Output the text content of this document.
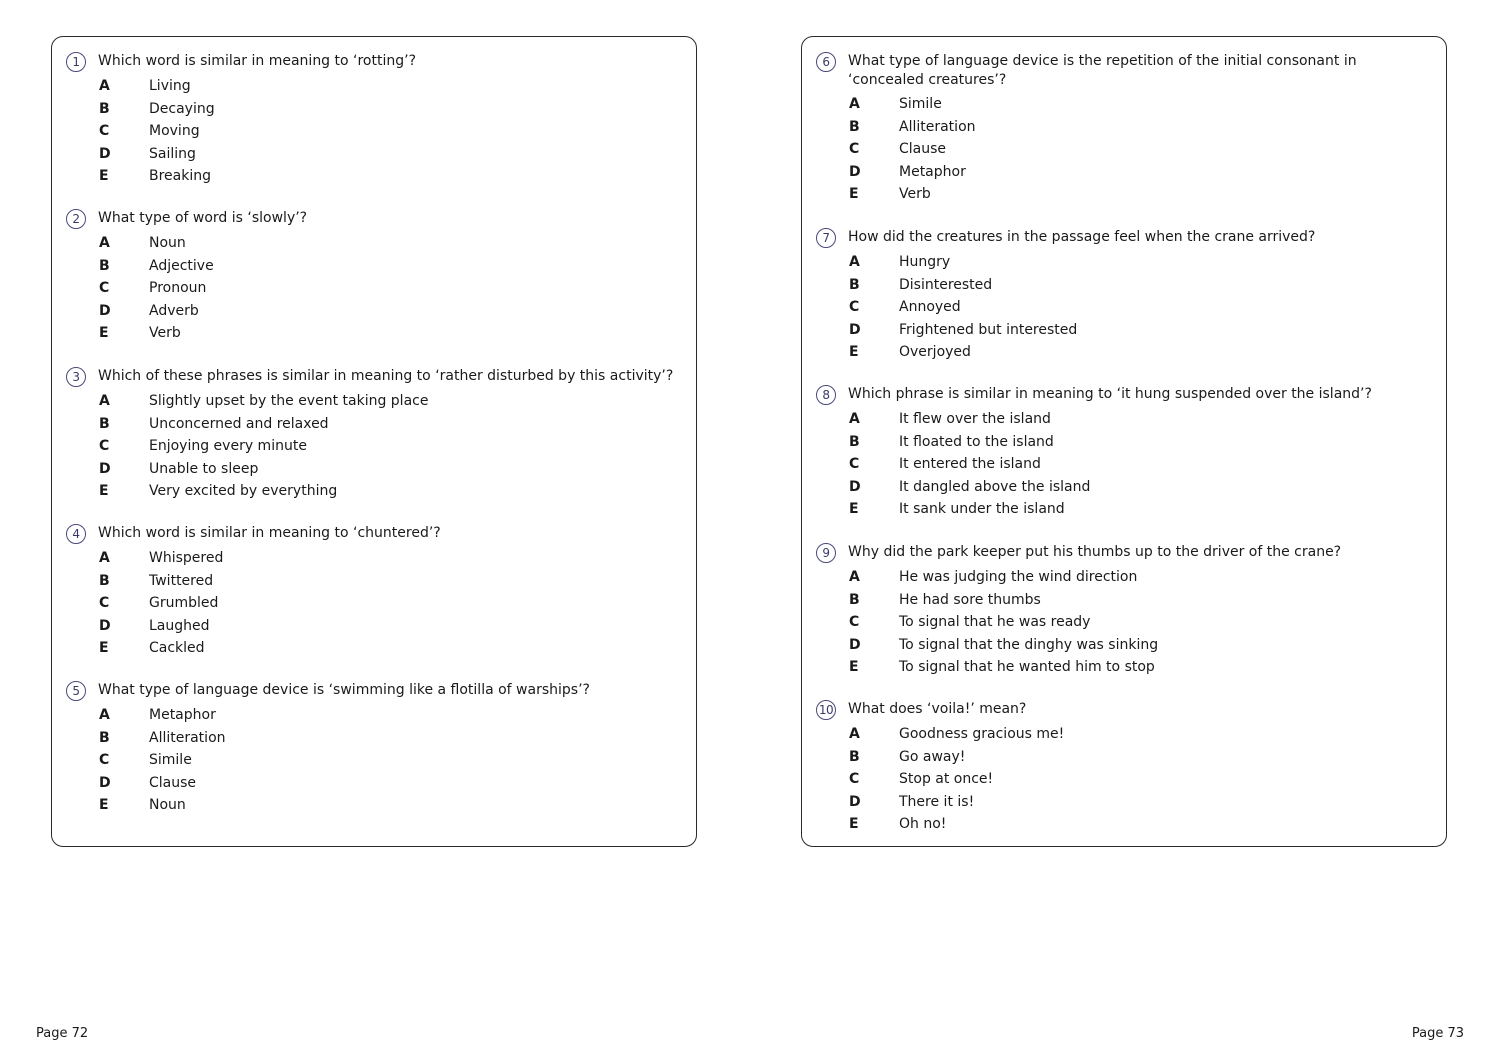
1	Which word is similar in meaning to ‘rotting’?
A	Living
B	Decaying
C	Moving
D	Sailing
E	Breaking
2	What type of word is ‘slowly’?
A	Noun
B	Adjective
C	Pronoun
D	Adverb
E	Verb
3	Which of these phrases is similar in meaning to ‘rather disturbed by this activity’?
A	Slightly upset by the event taking place
B	Unconcerned and relaxed
C	Enjoying every minute
D	Unable to sleep
E	Very excited by everything
4	Which word is similar in meaning to ‘chuntered’?
A	Whispered
B	Twittered
C	Grumbled
D	Laughed
E	Cackled
5	What type of language device is ‘swimming like a flotilla of warships’?
A	Metaphor
B	Alliteration
C	Simile
D	Clause
E	Noun
6	What type of language device is the repetition of the initial consonant in ‘concealed creatures’?
A	Simile
B	Alliteration
C	Clause
D	Metaphor
E	Verb
7	How did the creatures in the passage feel when the crane arrived?
A	Hungry
B	Disinterested
C	Annoyed
D	Frightened but interested
E	Overjoyed
8	Which phrase is similar in meaning to ‘it hung suspended over the island’?
A	It flew over the island
B	It floated to the island
C	It entered the island
D	It dangled above the island
E	It sank under the island
9	Why did the park keeper put his thumbs up to the driver of the crane?
A	He was judging the wind direction
B	He had sore thumbs
C	To signal that he was ready
D	To signal that the dinghy was sinking
E	To signal that he wanted him to stop
10 What does ‘voila!’ mean?
A	Goodness gracious me!
B	Go away!
C	Stop at once!
D	There it is!
E	Oh no!
Page 72	Page 73
